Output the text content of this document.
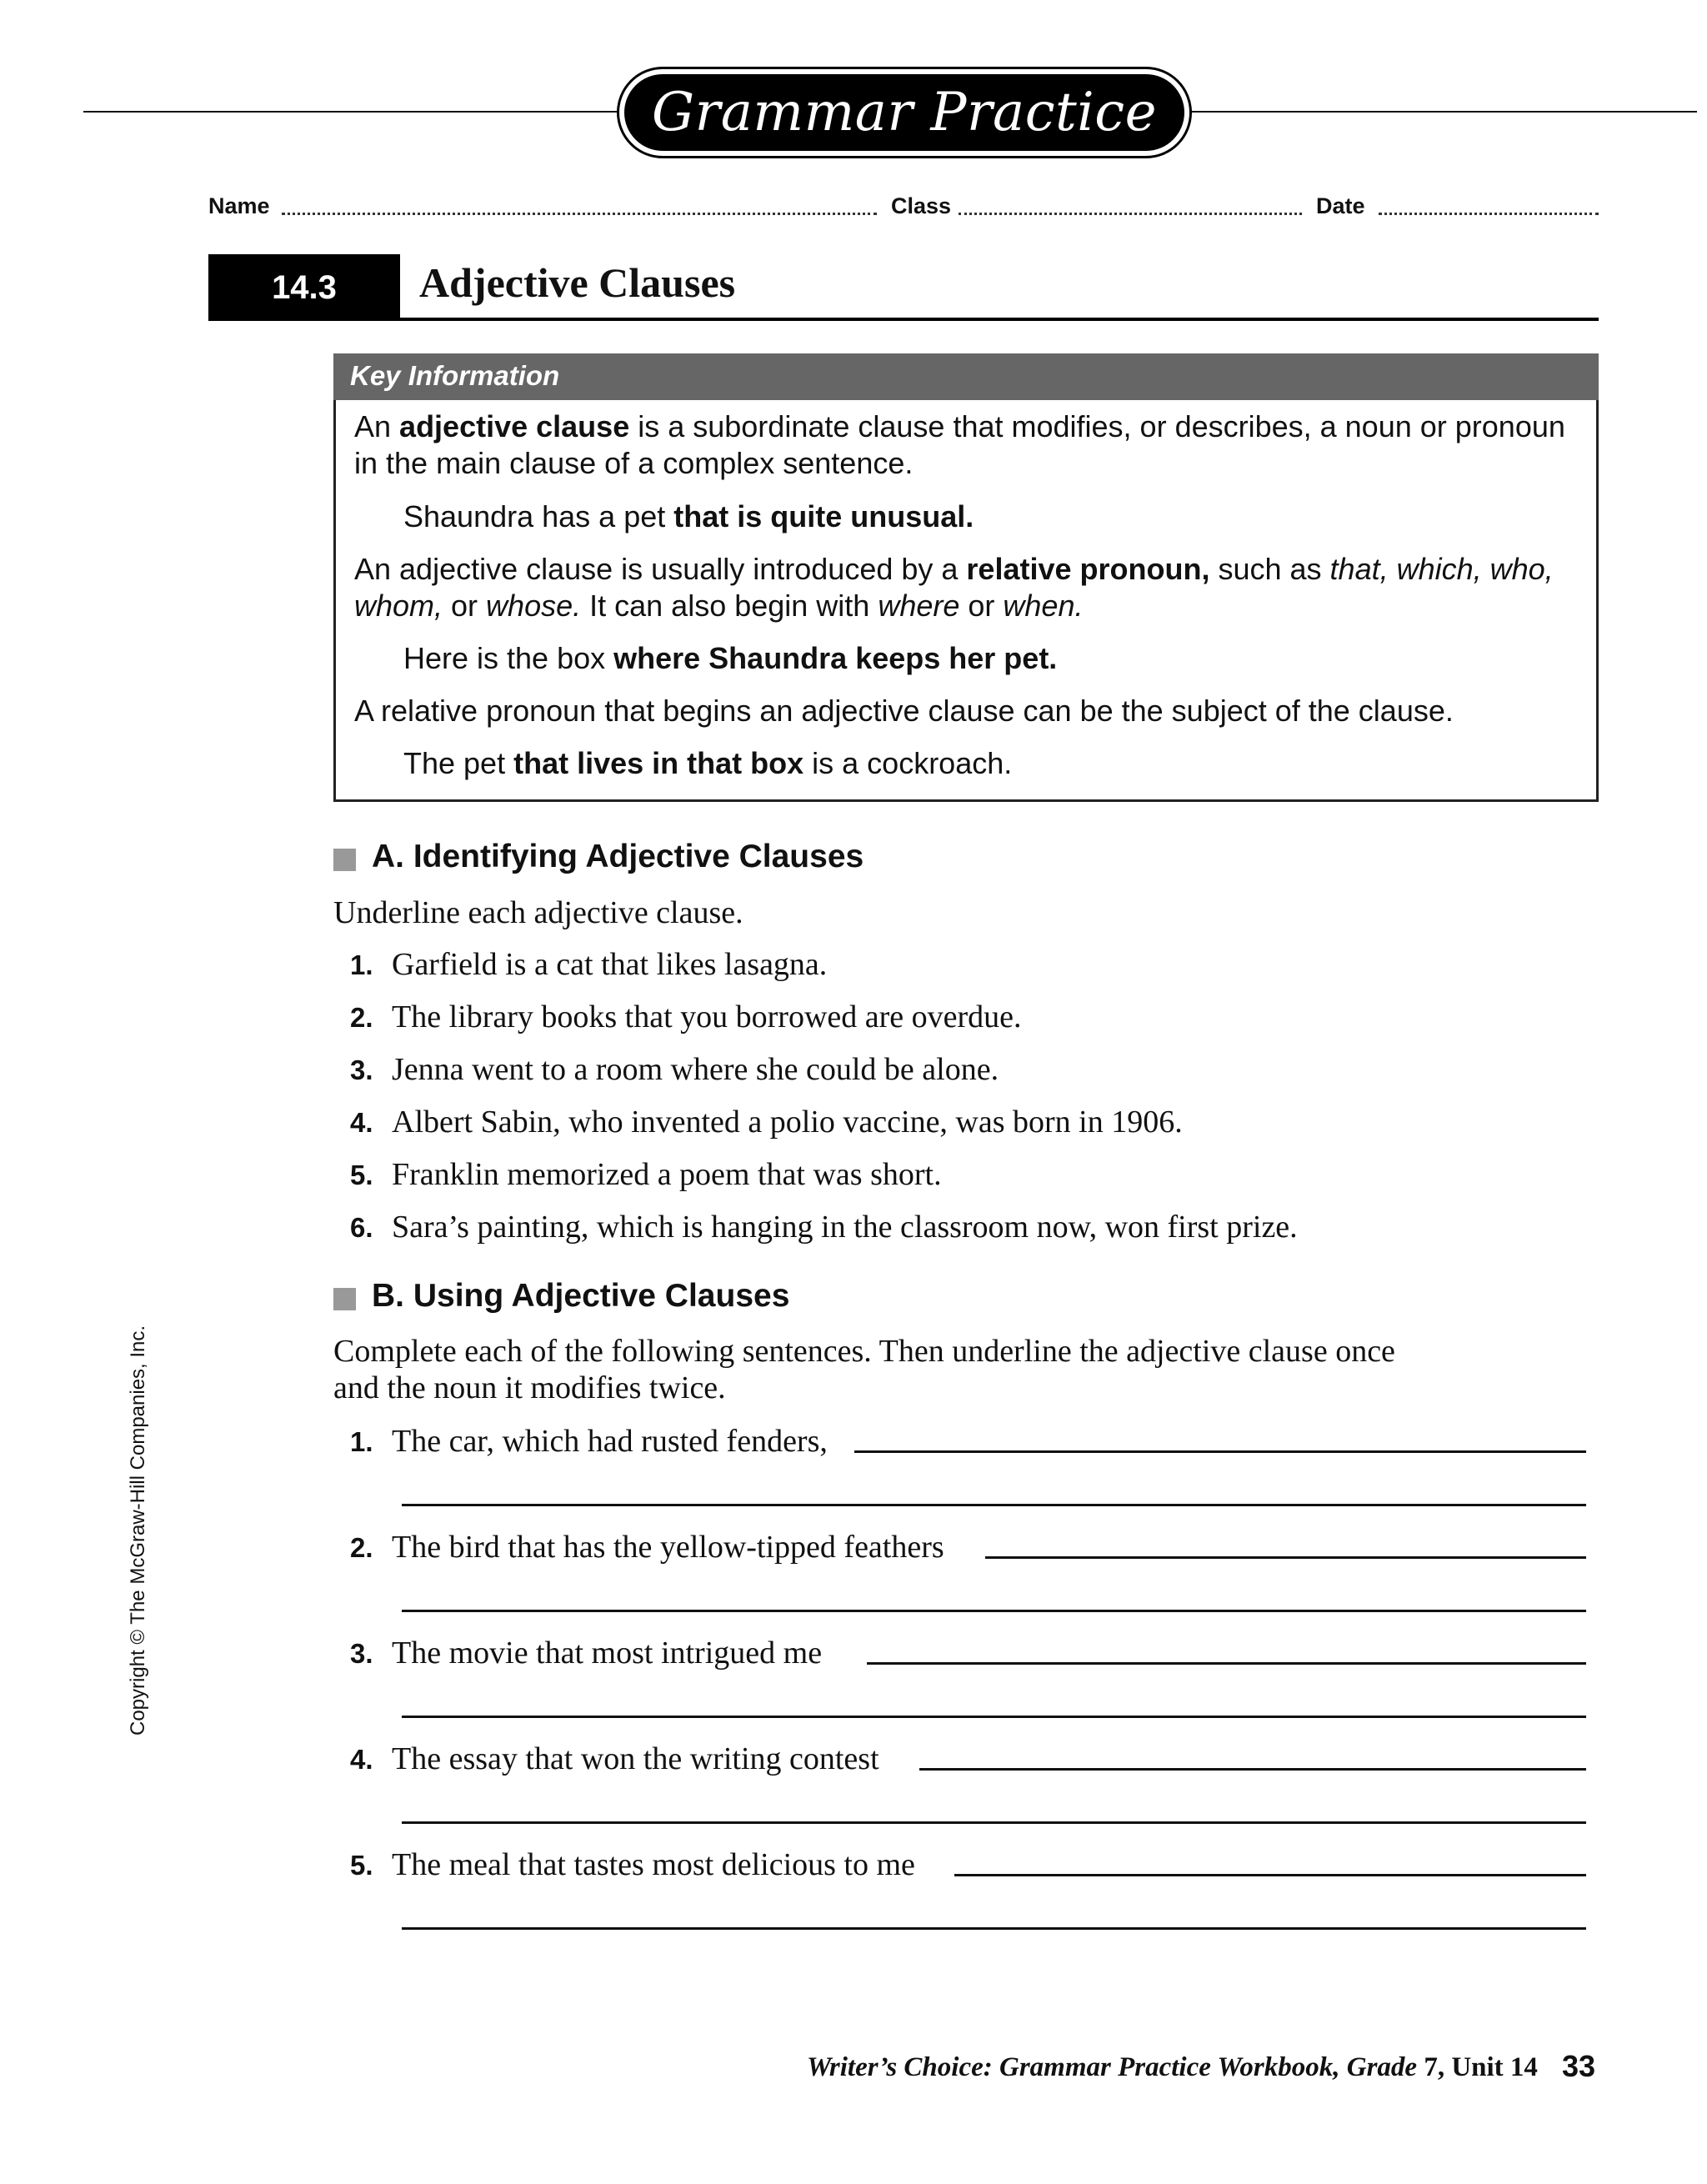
Grammar Practice
Name	Class	Date
14.3	Adjective Clauses
Key Information
An adjective clause is a subordinate clause that modifies, or describes, a noun or pronoun
in the main clause of a complex sentence.
Shaundra has a pet that is quite unusual.
An adjective clause is usually introduced by a relative pronoun, such as that, which, who,
whom, or whose. It can also begin with where or when.
Here is the box where Shaundra keeps her pet.
A relative pronoun that begins an adjective clause can be the subject of the clause.
The pet that lives in that box is a cockroach.
A. Identifying Adjective Clauses
Underline each adjective clause.
1. Garfield is a cat that likes lasagna.
2. The library books that you borrowed are overdue.
3. Jenna went to a room where she could be alone.
4. Albert Sabin, who invented a polio vaccine, was born in 1906.
5. Franklin memorized a poem that was short.
6. Sara’s painting, which is hanging in the classroom now, won first prize.
B. Using Adjective Clauses
Complete each of the following sentences. Then underline the adjective clause once
and the noun it modifies twice.
1. The car, which had rusted fenders,
2. The bird that has the yellow-tipped feathers
3. The movie that most intrigued me
4. The essay that won the writing contest
5. The meal that tastes most delicious to me
Copyright © The McGraw-Hill Companies, Inc.
Writer’s Choice: Grammar Practice Workbook, Grade 7, Unit 14 33
